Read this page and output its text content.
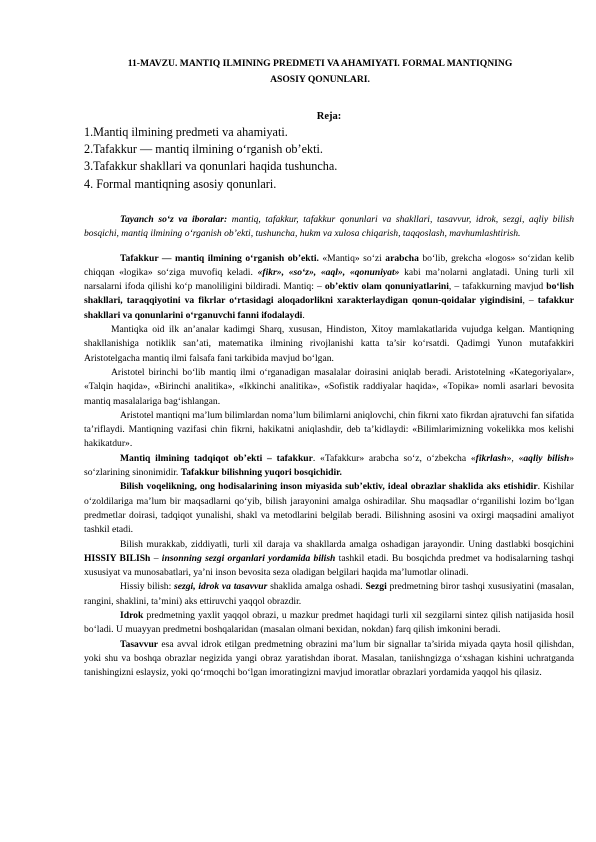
11-MAVZU. MANTIQ ILMINING PREDMETI VA AHAMIYATI. FORMAL MANTIQNING
ASOSIY QONUNLARI.
Reja:
1.Mantiq ilmining predmeti va ahamiyati.
2.Tafakkur — mantiq ilmining o‘rganish ob’ekti.
3.Tafakkur shakllari va qonunlari haqida tushuncha.
4. Formal mantiqning asosiy qonunlari.

Tayanch so‘z va iboralar: mantiq, tafakkur, tafakkur qonunlari va shakllari, tasavvur, idrok, sezgi, aqliy bilish bosqichi, mantiq ilmining o‘rganish ob’ekti, tushuncha, hukm va xulosa chiqarish, taqqoslash, mavhumlashtirish.

Tafakkur — mantiq ilmining o‘rganish ob’ekti. «Mantiq» so‘zi arabcha bo‘lib, grekcha «logos» so‘zidan kelib chiqqan «logika» so‘ziga muvofiq keladi. «fikr», «so‘z», «aql», «qonuniyat» kabi ma’nolarni anglatadi. Uning turli xil narsalarni ifoda qilishi ko‘p manoliligini bildiradi. Mantiq: – ob’ektiv olam qonuniyatlarini, – tafakkurning mavjud bo‘lish shakllari, taraqqiyotini va fikrlar o‘rtasidagi aloqadorlikni xarakterlaydigan qonun-qoidalar yigindisini, – tafakkur shakllari va qonunlarini o‘rganuvchi fanni ifodalaydi.

Mantiqka oid ilk an’analar kadimgi Sharq, xususan, Hindiston, Xitoy mamlakatlarida vujudga kelgan. Mantiqning shakllanishiga notiklik san’ati, matematika ilmining rivojlanishi katta ta’sir ko‘rsatdi. Qadimgi Yunon mutafakkiri Aristotelgacha mantiq ilmi falsafa fani tarkibida mavjud bo‘lgan.

Aristotel birinchi bo‘lib mantiq ilmi o‘rganadigan masalalar doirasini aniqlab beradi. Aristotelning «Kategoriyalar», «Talqin haqida», «Birinchi analitika», «Ikkinchi analitika», «Sofistik raddiyalar haqida», «Topika» nomli asarlari bevosita mantiq masalalariga bag‘ishlangan.

Aristotel mantiqni ma’lum bilimlardan noma’lum bilimlarni aniqlovchi, chin fikrni xato fikrdan ajratuvchi fan sifatida ta’riflaydi. Mantiqning vazifasi chin fikrni, hakikatni aniqlashdir, deb ta’kidlaydi: «Bilimlarimizning vokelikka mos kelishi hakikatdur».

Mantiq ilmining tadqiqot ob’ekti – tafakkur. «Tafakkur» arabcha so‘z, o‘zbekcha «fikrlash», «aqliy bilish» so‘zlarining sinonimidir. Tafakkur bilishning yuqori bosqichidir.

Bilish voqelikning, ong hodisalarining inson miyasida sub’ektiv, ideal obrazlar shaklida aks etishidir. Kishilar o‘zoldilariga ma’lum bir maqsadlarni qo‘yib, bilish jarayonini amalga oshiradilar. Shu maqsadlar o‘rganilishi lozim bo‘lgan predmetlar doirasi, tadqiqot yunalishi, shakl va metodlarini belgilab beradi. Bilishning asosini va oxirgi maqsadini amaliyot tashkil etadi.

Bilish murakkab, ziddiyatli, turli xil daraja va shakllarda amalga oshadigan jarayondir. Uning dastlabki bosqichini HISSIY BILISh – insonning sezgi organlari yordamida bilish tashkil etadi. Bu bosqichda predmet va hodisalarning tashqi xususiyat va munosabatlari, ya’ni inson bevosita seza oladigan belgilari haqida ma’lumotlar olinadi.

Hissiy bilish: sezgi, idrok va tasavvur shaklida amalga oshadi. Sezgi predmetning biror tashqi xususiyatini (masalan, rangini, shaklini, ta’mini) aks ettiruvchi yaqqol obrazdir.

Idrok predmetning yaxlit yaqqol obrazi, u mazkur predmet haqidagi turli xil sezgilarni sintez qilish natijasida hosil bo‘ladi. U muayyan predmetni boshqalaridan (masalan olmani bexidan, nokdan) farq qilish imkonini beradi.

Tasavvur esa avval idrok etilgan predmetning obrazini ma’lum bir signallar ta’sirida miyada qayta hosil qilishdan, yoki shu va boshqa obrazlar negizida yangi obraz yaratishdan iborat. Masalan, taniishngizga o‘xshagan kishini uchratganda tanishingizni eslaysiz, yoki qo‘rmoqchi bo‘lgan imoratingizni mavjud imoratlar obrazlari yordamida yaqqol his qilasiz.
